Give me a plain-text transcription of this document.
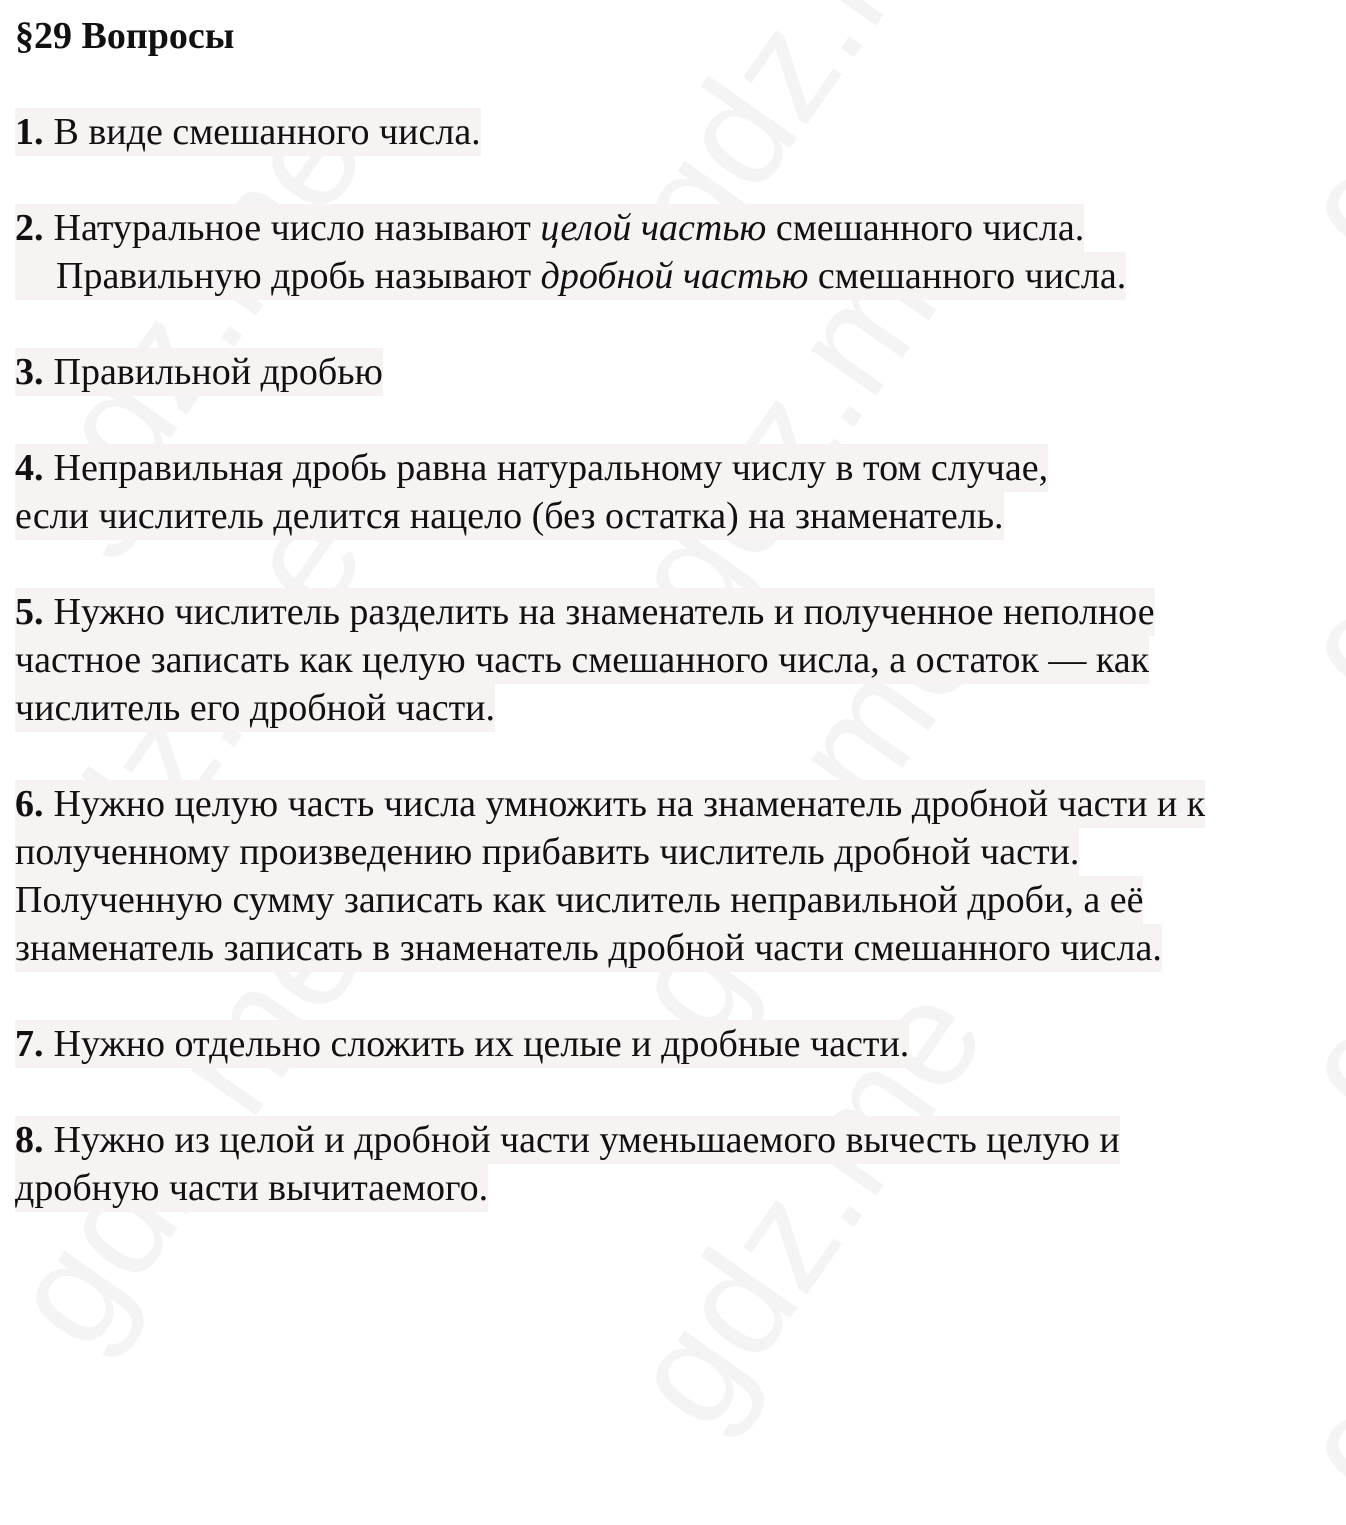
§29 Вопросы
1. В виде смешанного числа.
2. Натуральное число называют целой частью смешанного числа.
Правильную дробь называют дробной частью смешанного числа.
3. Правильной дробью
4. Неправильная дробь равна натуральному числу в том случае,
если числитель делится нацело (без остатка) на знаменатель.
5. Нужно числитель разделить на знаменатель и полученное неполное
частное записать как целую часть смешанного числа, а остаток — как
числитель его дробной части.
6. Нужно целую часть числа умножить на знаменатель дробной части и к
полученному произведению прибавить числитель дробной части.
Полученную сумму записать как числитель неправильной дроби, а её
знаменатель записать в знаменатель дробной части смешанного числа.
7. Нужно отдельно сложить их целые и дробные части.
8. Нужно из целой и дробной части уменьшаемого вычесть целую и
дробную части вычитаемого.
